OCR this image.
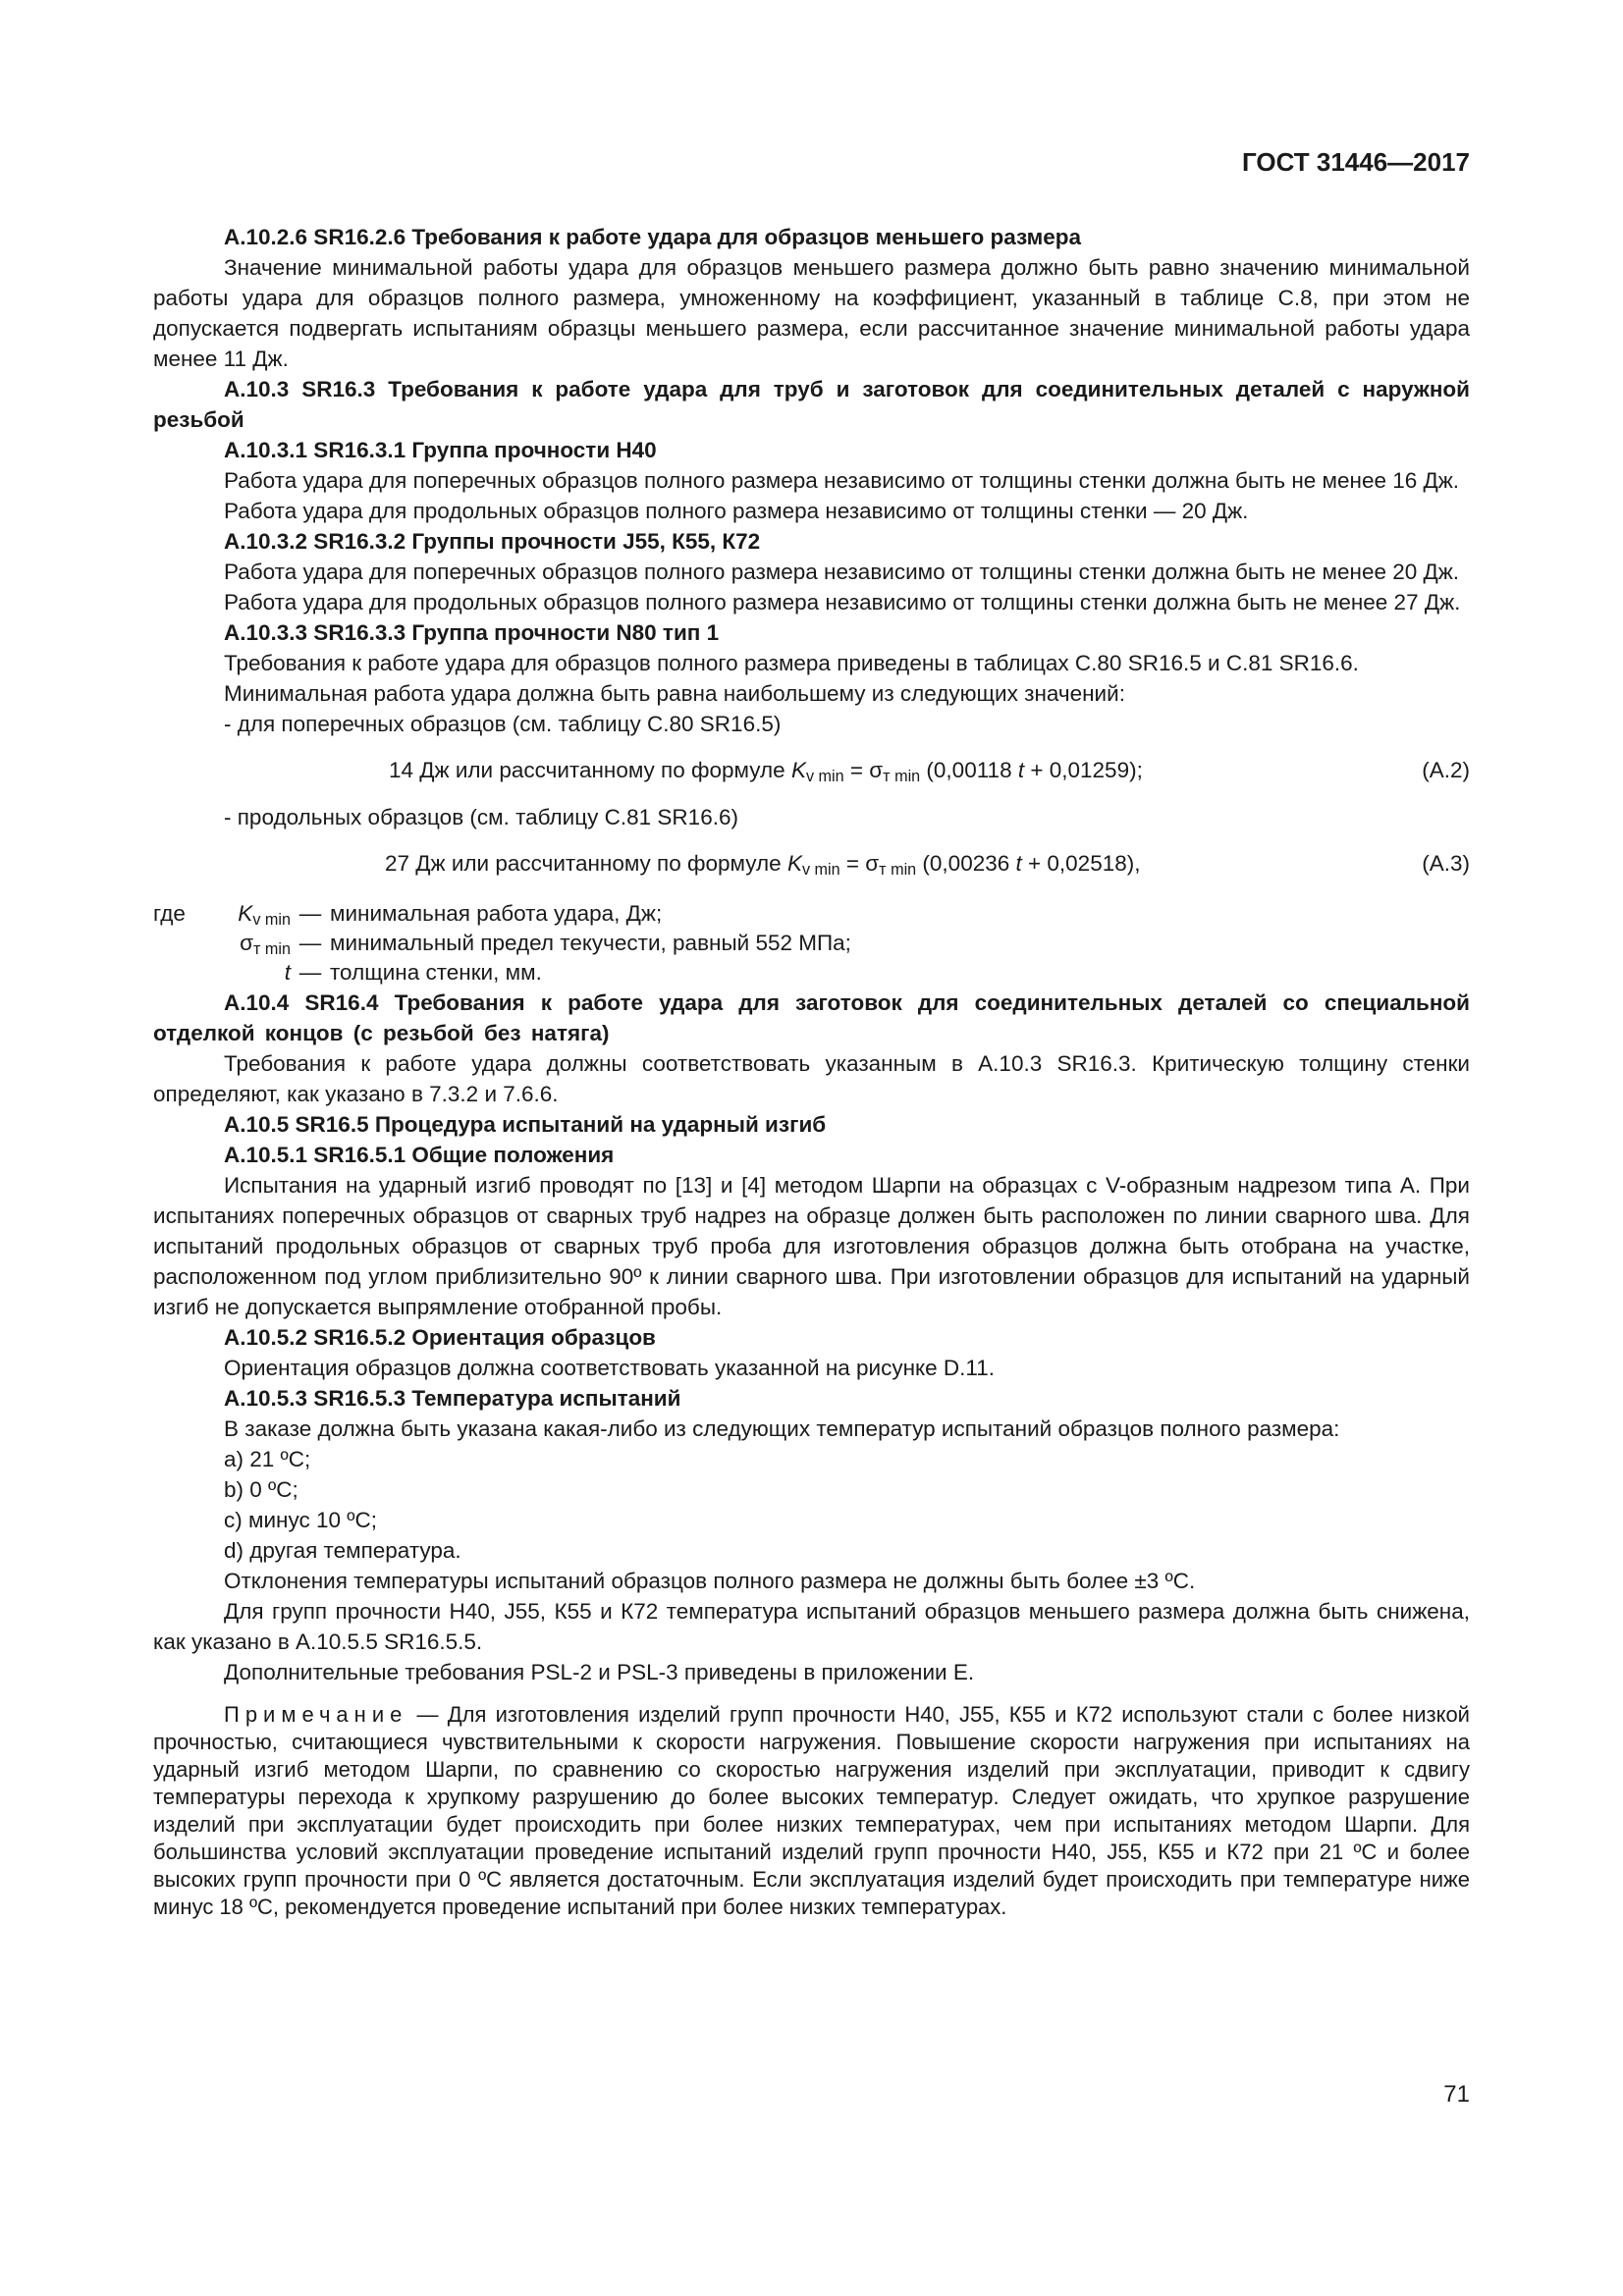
ГОСТ 31446—2017

А.10.2.6 SR16.2.6 Требования к работе удара для образцов меньшего размера

Значение минимальной работы удара для образцов меньшего размера должно быть равно значению минимальной работы удара для образцов полного размера, умноженному на коэффициент, указанный в таблице С.8, при этом не допускается подвергать испытаниям образцы меньшего размера, если рассчитанное значение минимальной работы удара менее 11 Дж.

А.10.3 SR16.3 Требования к работе удара для труб и заготовок для соединительных деталей с наружной резьбой

А.10.3.1 SR16.3.1 Группа прочности Н40

Работа удара для поперечных образцов полного размера независимо от толщины стенки должна быть не менее 16 Дж.

Работа удара для продольных образцов полного размера независимо от толщины стенки — 20 Дж.

А.10.3.2 SR16.3.2 Группы прочности J55, К55, К72

Работа удара для поперечных образцов полного размера независимо от толщины стенки должна быть не менее 20 Дж.

Работа удара для продольных образцов полного размера независимо от толщины стенки должна быть не менее 27 Дж.

А.10.3.3 SR16.3.3 Группа прочности N80 тип 1

Требования к работе удара для образцов полного размера приведены в таблицах С.80 SR16.5 и С.81 SR16.6.

Минимальная работа удара должна быть равна наибольшему из следующих значений:

- для поперечных образцов (см. таблицу С.80 SR16.5)

14 Дж или рассчитанному по формуле $K_{v min} = \sigma_{т min}$ (0,00118 t + 0,01259);	(А.2)

- продольных образцов (см. таблицу С.81 SR16.6)

27 Дж или рассчитанному по формуле $K_{v min} = \sigma_{т min}$ (0,00236 t + 0,02518),	(А.3)
где $K_{v min}$ — минимальная работа удара, Дж;
$\sigma_{т min}$ — минимальный предел текучести, равный 552 МПа;
t — толщина стенки, мм.

А.10.4 SR16.4 Требования к работе удара для заготовок для соединительных деталей со специальной отделкой концов (с резьбой без натяга)

Требования к работе удара должны соответствовать указанным в А.10.3 SR16.3. Критическую толщину стенки определяют, как указано в 7.3.2 и 7.6.6.

А.10.5 SR16.5 Процедура испытаний на ударный изгиб

А.10.5.1 SR16.5.1 Общие положения

Испытания на ударный изгиб проводят по [13] и [4] методом Шарпи на образцах с V-образным надрезом типа А. При испытаниях поперечных образцов от сварных труб надрез на образце должен быть расположен по линии сварного шва. Для испытаний продольных образцов от сварных труб проба для изготовления образцов должна быть отобрана на участке, расположенном под углом приблизительно 90º к линии сварного шва. При изготовлении образцов для испытаний на ударный изгиб не допускается выпрямление отобранной пробы.

А.10.5.2 SR16.5.2 Ориентация образцов

Ориентация образцов должна соответствовать указанной на рисунке D.11.

А.10.5.3 SR16.5.3 Температура испытаний

В заказе должна быть указана какая-либо из следующих температур испытаний образцов полного размера:

a) 21 ºС;

b) 0 ºС;

c) минус 10 ºС;

d) другая температура.

Отклонения температуры испытаний образцов полного размера не должны быть более ±3 ºС.

Для групп прочности Н40, J55, К55 и К72 температура испытаний образцов меньшего размера должна быть снижена, как указано в А.10.5.5 SR16.5.5.

Дополнительные требования PSL-2 и PSL-3 приведены в приложении Е.

Примечание — Для изготовления изделий групп прочности Н40, J55, К55 и К72 используют стали с более низкой прочностью, считающиеся чувствительными к скорости нагружения. Повышение скорости нагружения при испытаниях на ударный изгиб методом Шарпи, по сравнению со скоростью нагружения изделий при эксплуатации, приводит к сдвигу температуры перехода к хрупкому разрушению до более высоких температур. Следует ожидать, что хрупкое разрушение изделий при эксплуатации будет происходить при более низких температурах, чем при испытаниях методом Шарпи. Для большинства условий эксплуатации проведение испытаний изделий групп прочности Н40, J55, К55 и К72 при 21 ºС и более высоких групп прочности при 0 ºС является достаточным. Если эксплуатация изделий будет происходить при температуре ниже минус 18 ºС, рекомендуется проведение испытаний при более низких температурах.

71
